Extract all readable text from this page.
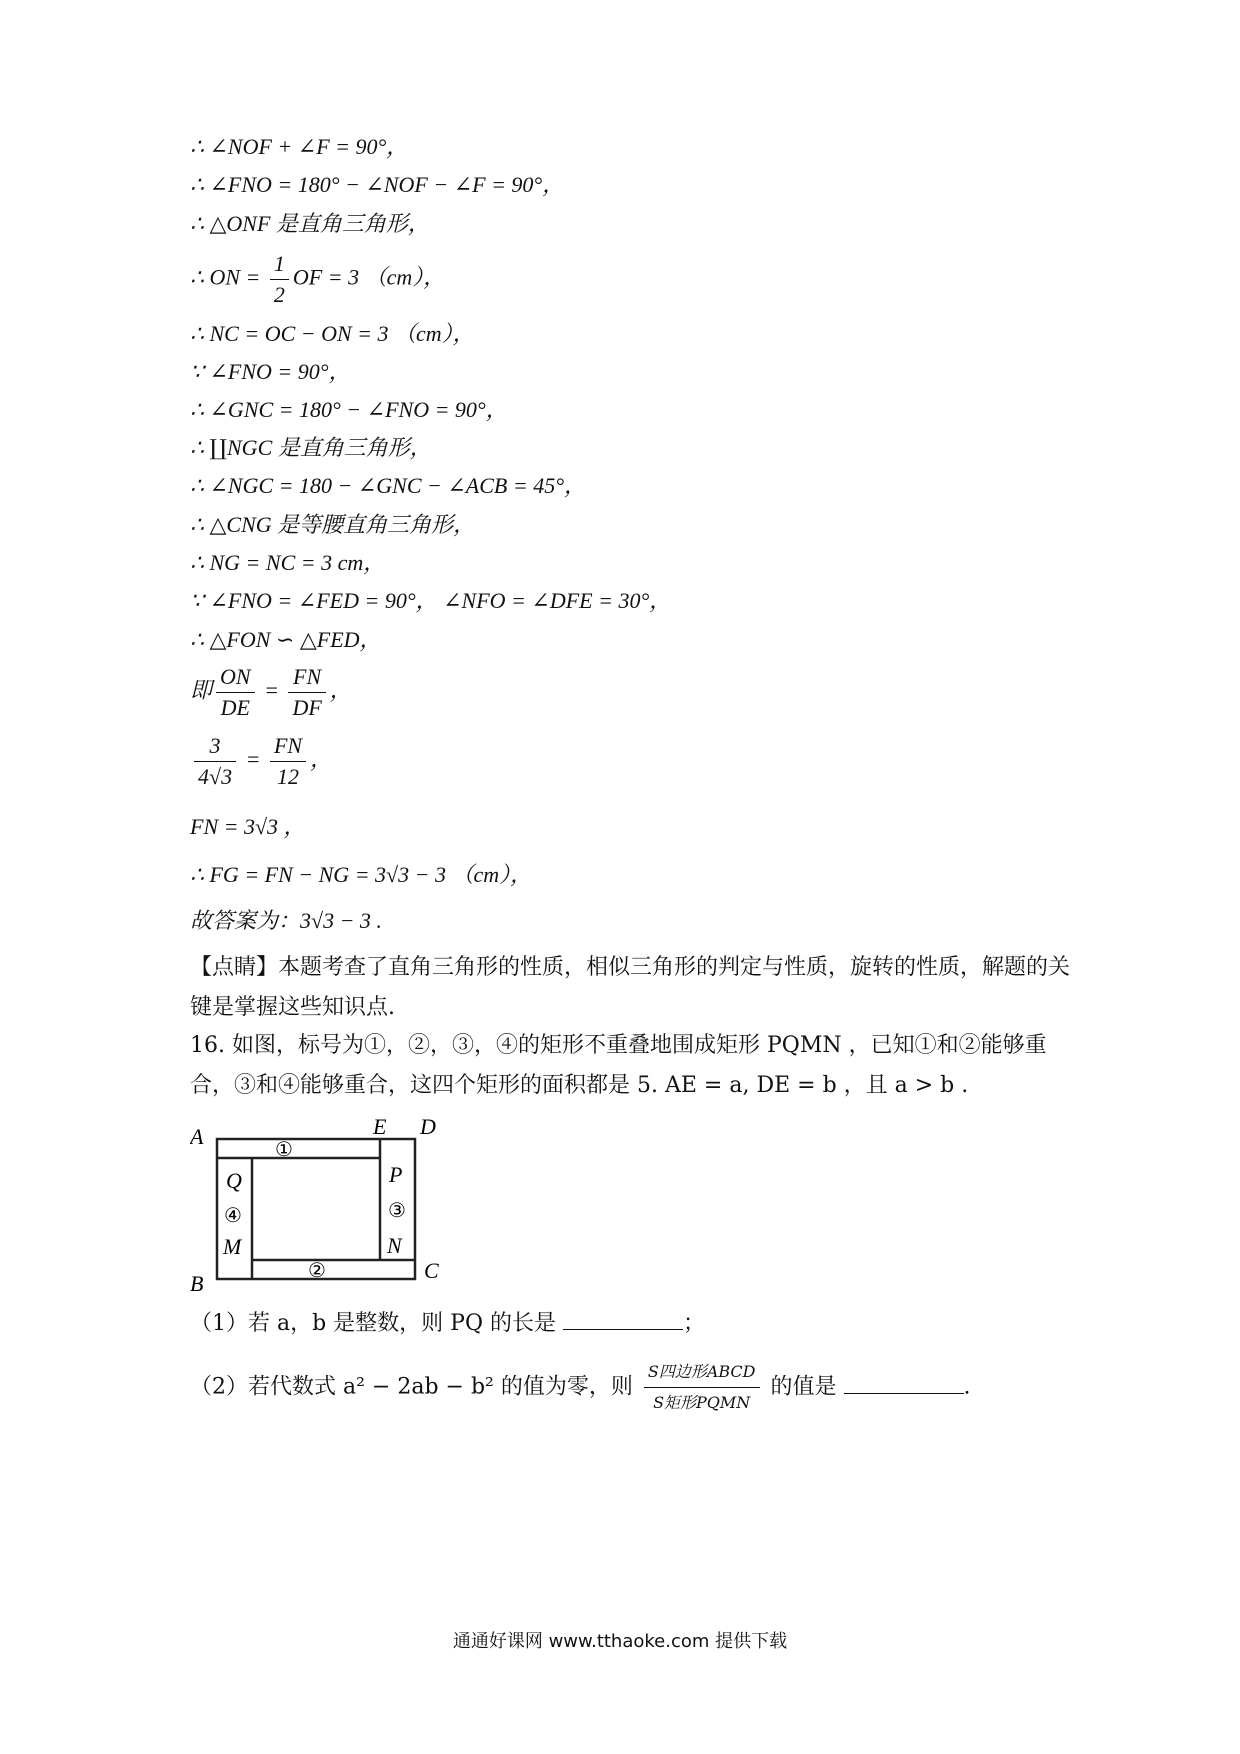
∴ ∠NOF + ∠F = 90°，
∴ ∠FNO = 180° − ∠NOF − ∠F = 90°，
∴ △ONF 是直角三角形，
∴ ON = $\frac{1}{2}$ OF = 3 （cm），
∴ NC = OC − ON = 3 （cm），
∵ ∠FNO = 90°，
∴ ∠GNC = 180° − ∠FNO = 90°，
∴ ∐NGC 是直角三角形，
∴ ∠NGC = 180 − ∠GNC − ∠ACB = 45°，
∴ △CNG 是等腰直角三角形，
∴ NG = NC = 3 cm，
∵ ∠FNO = ∠FED = 90°， ∠NFO = ∠DFE = 30°，
∴ △FON ∽ △FED，
即 $\frac{ON}{DE} = \frac{FN}{DF}$ ，
$\frac{3}{4√3} = \frac{FN}{12}$ ，
FN = 3√3 ，
∴ FG = FN − NG = 3√3 − 3 （cm），
故答案为：3√3 − 3 .
【点睛】本题考查了直角三角形的性质，相似三角形的判定与性质，旋转的性质，解题的关键是掌握这些知识点.
16. 如图，标号为①，②，③，④的矩形不重叠地围成矩形 PQMN ，已知①和②能够重合，③和④能够重合，这四个矩形的面积都是 5. AE = a, DE = b ，且 a > b .
A	E D
B
C
P
N
Q
M
①
②
③
④
（1）若 a，b 是整数，则 PQ 的长是	；
（2）若代数式 a² − 2ab − b² 的值为零，则 $\frac{\text{S四边形ABCD}}{\text{S矩形PQMN}}$ 的值是	.
通通好课网 www.tthaoke.com 提供下载
